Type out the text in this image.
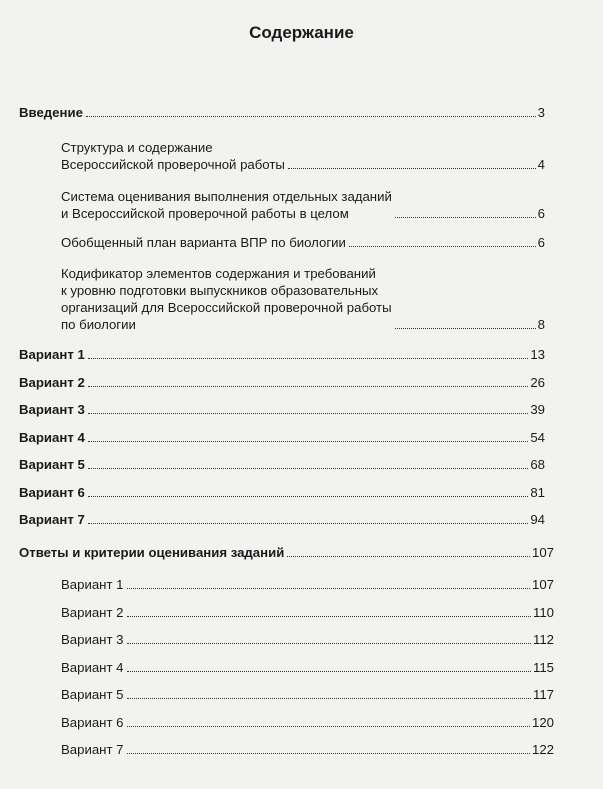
Содержание
Введение	3
Структура и содержание
Всероссийской проверочной работы	4
Система оценивания выполнения отдельных заданий
и Всероссийской проверочной работы в целом	6
Обобщенный план варианта ВПР по биологии	6
Кодификатор элементов содержания и требований
к уровню подготовки выпускников образовательных
организаций для Всероссийской проверочной работы
по биологии	8
Вариант 1	13
Вариант 2	26
Вариант 3	39
Вариант 4	54
Вариант 5	68
Вариант 6	81
Вариант 7	94
Ответы и критерии оценивания заданий	107
Вариант 1	107
Вариант 2	110
Вариант 3	112
Вариант 4	115
Вариант 5	117
Вариант 6	120
Вариант 7	122
